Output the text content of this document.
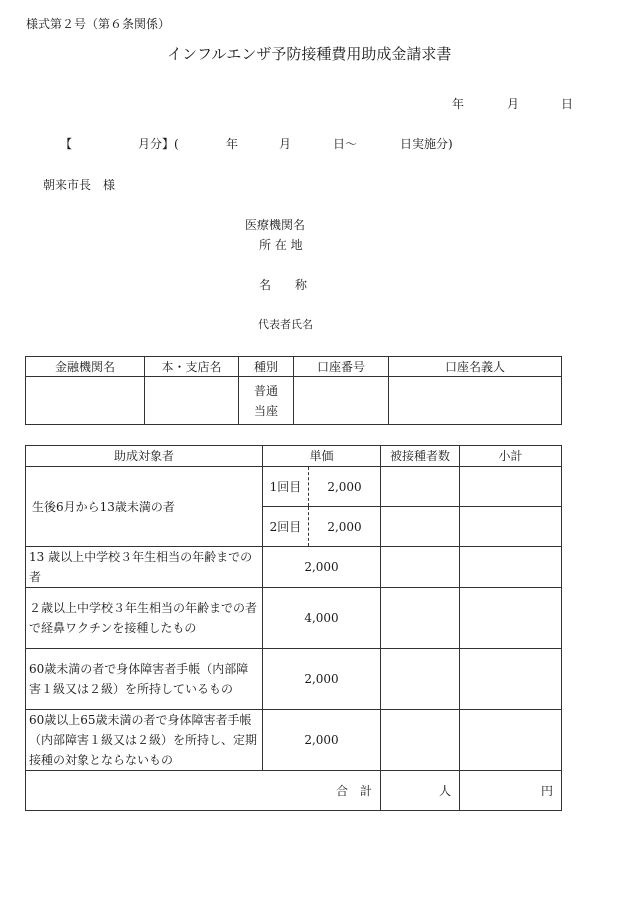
様式第２号（第６条関係）
インフルエンザ予防接種費用助成金請求書
年	月	日
【	月分】(	年	月	日～	日実施分)
朝来市長　様
医療機関名
所 在 地
名　　称
代表者氏名
金融機関名	本・支店名	種別	口座番号	口座名義人

		普通
当座		

助成対象者	単価		被接種者数	小計
生後6月から13歳未満の者	1回目	2,000		
	2回目	2,000		
13 歳以上中学校３年生相当の年齢までの者	2,000			
２歳以上中学校３年生相当の年齢までの者で経鼻ワクチンを接種したもの	4,000			
60歳未満の者で身体障害者手帳（内部障害１級又は２級）を所持しているもの	2,000			
60歳以上65歳未満の者で身体障害者手帳（内部障害１級又は２級）を所持し、定期接種の対象とならないもの	2,000			
合　計			人	円
